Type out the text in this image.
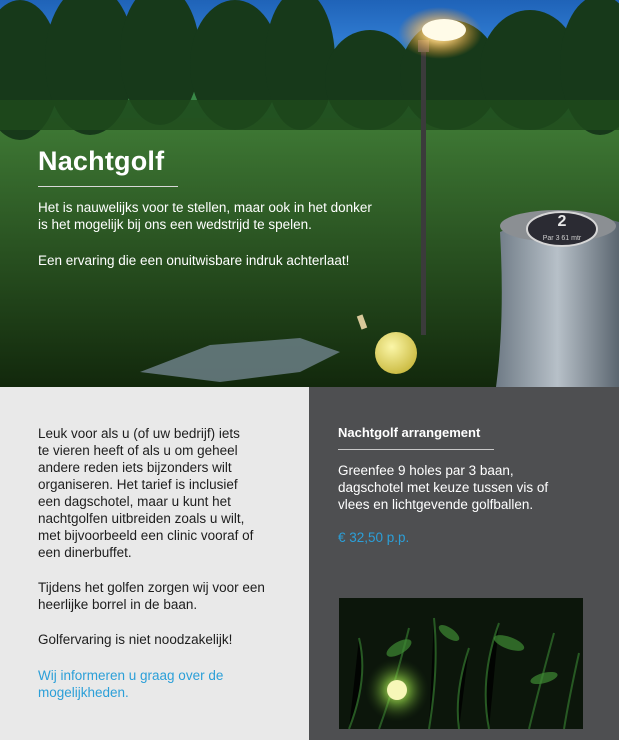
2
Par 3 61 mtr
Nachtgolf

Het is nauwelijks voor te stellen, maar ook in het donker
is het mogelijk bij ons een wedstrijd te spelen.

Een ervaring die een onuitwisbare indruk achterlaat!

Leuk voor als u (of uw bedrijf) iets
te vieren heeft of als u om geheel
andere reden iets bijzonders wilt
organiseren. Het tarief is inclusief
een dagschotel, maar u kunt het
nachtgolfen uitbreiden zoals u wilt,
met bijvoorbeeld een clinic vooraf of
een dinerbuffet.

Tijdens het golfen zorgen wij voor een
heerlijke borrel in de baan.

Golfervaring is niet noodzakelijk!

Wij informeren u graag over de
mogelijkheden.

Nachtgolf arrangement

Greenfee 9 holes par 3 baan,
dagschotel met keuze tussen vis of
vlees en lichtgevende golfballen.

€ 32,50 p.p.
